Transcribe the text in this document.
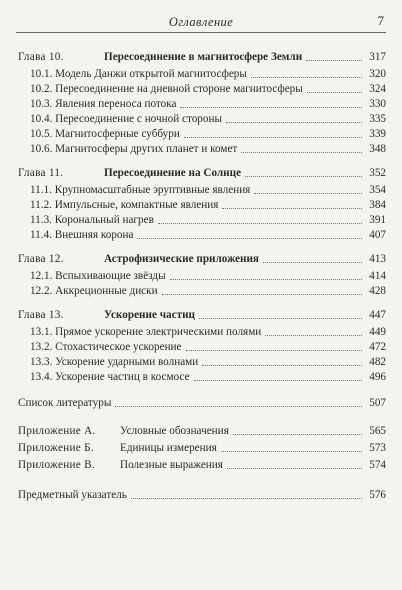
Оглавление	7
Глава 10.	Пересоединение в магнитосфере Земли	317
10.1. Модель Данжи открытой магнитосферы	320
10.2. Пересоединение на дневной стороне магнитосферы	324
10.3. Явления переноса потока	330
10.4. Пересоединение с ночной стороны	335
10.5. Магнитосферные суббури	339
10.6. Магнитосферы других планет и комет	348
Глава 11.	Пересоединение на Солнце	352
11.1. Крупномасштабные эруптивные явления	354
11.2. Импульсные, компактные явления	384
11.3. Корональный нагрев	391
11.4. Внешняя корона	407
Глава 12.	Астрофизические приложения	413
12.1. Вспыхивающие звёзды	414
12.2. Аккреционные диски	428
Глава 13.	Ускорение частиц	447
13.1. Прямое ускорение электрическими полями	449
13.2. Стохастическое ускорение	472
13.3. Ускорение ударными волнами	482
13.4. Ускорение частиц в космосе	496
Список литературы	507
Приложение А. Условные обозначения	565
Приложение Б. Единицы измерения	573
Приложение В. Полезные выражения	574
Предметный указатель	576
